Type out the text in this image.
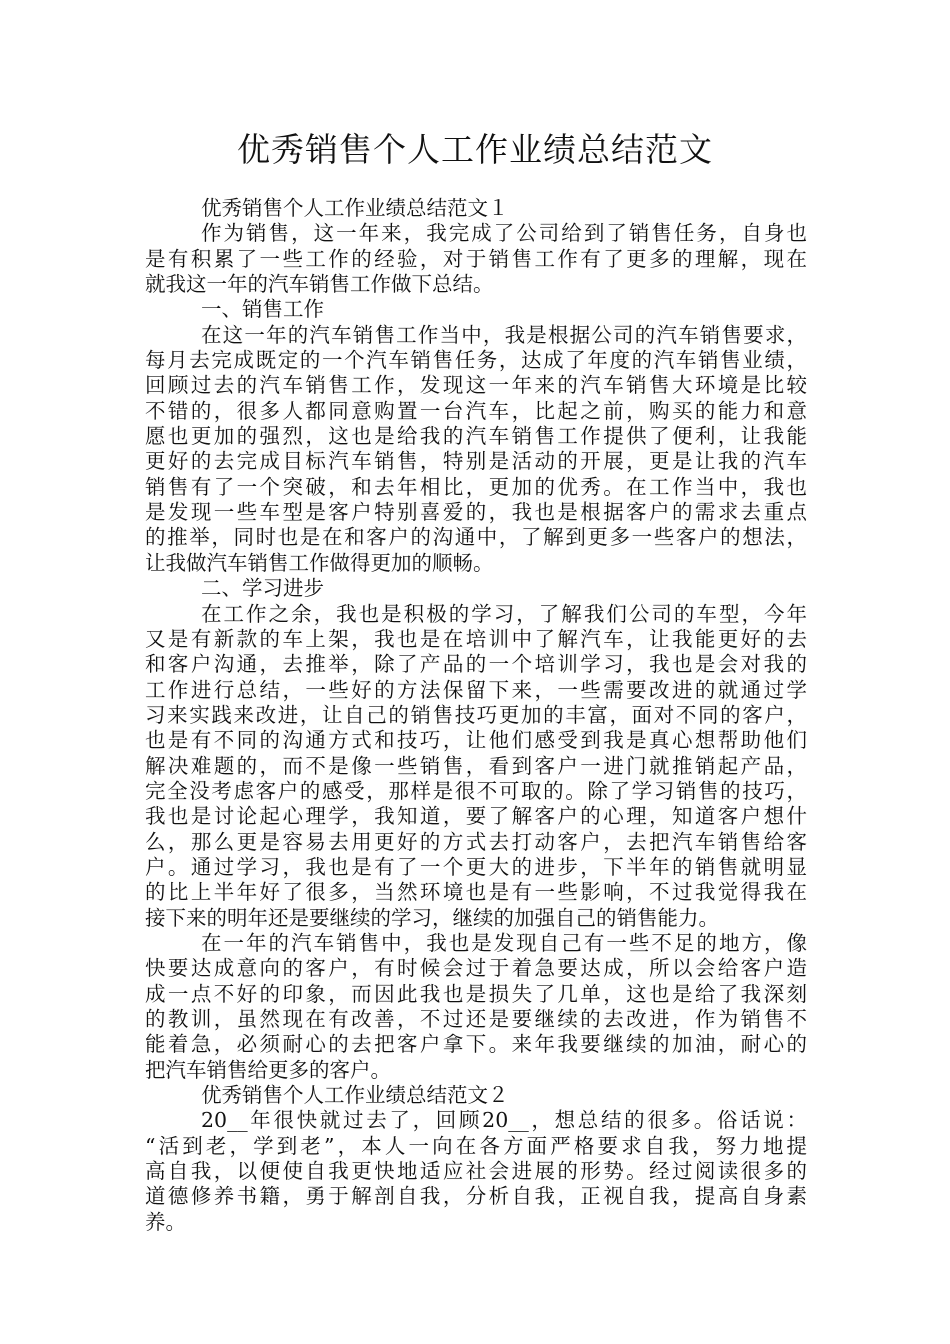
优秀销售个人工作业绩总结范文
优秀销售个人工作业绩总结范文１
作为销售，这一年来，我完成了公司给到了销售任务，自身也
是有积累了一些工作的经验，对于销售工作有了更多的理解，现在
就我这一年的汽车销售工作做下总结。
一、销售工作
在这一年的汽车销售工作当中，我是根据公司的汽车销售要求，
每月去完成既定的一个汽车销售任务，达成了年度的汽车销售业绩，
回顾过去的汽车销售工作，发现这一年来的汽车销售大环境是比较
不错的，很多人都同意购置一台汽车，比起之前，购买的能力和意
愿也更加的强烈，这也是给我的汽车销售工作提供了便利，让我能
更好的去完成目标汽车销售，特别是活动的开展，更是让我的汽车
销售有了一个突破，和去年相比，更加的优秀。在工作当中，我也
是发现一些车型是客户特别喜爱的，我也是根据客户的需求去重点
的推举，同时也是在和客户的沟通中，了解到更多一些客户的想法，
让我做汽车销售工作做得更加的顺畅。
二、学习进步
在工作之余，我也是积极的学习，了解我们公司的车型，今年
又是有新款的车上架，我也是在培训中了解汽车，让我能更好的去
和客户沟通，去推举，除了产品的一个培训学习，我也是会对我的
工作进行总结，一些好的方法保留下来，一些需要改进的就通过学
习来实践来改进，让自己的销售技巧更加的丰富，面对不同的客户，
也是有不同的沟通方式和技巧，让他们感受到我是真心想帮助他们
解决难题的，而不是像一些销售，看到客户一进门就推销起产品，
完全没考虑客户的感受，那样是很不可取的。除了学习销售的技巧，
我也是讨论起心理学，我知道，要了解客户的心理，知道客户想什
么，那么更是容易去用更好的方式去打动客户，去把汽车销售给客
户。通过学习，我也是有了一个更大的进步，下半年的销售就明显
的比上半年好了很多，当然环境也是有一些影响，不过我觉得我在
接下来的明年还是要继续的学习，继续的加强自己的销售能力。
在一年的汽车销售中，我也是发现自己有一些不足的地方，像
快要达成意向的客户，有时候会过于着急要达成，所以会给客户造
成一点不好的印象，而因此我也是损失了几单，这也是给了我深刻
的教训，虽然现在有改善，不过还是要继续的去改进，作为销售不
能着急，必须耐心的去把客户拿下。来年我要继续的加油，耐心的
把汽车销售给更多的客户。
优秀销售个人工作业绩总结范文２
20__年很快就过去了，回顾20__，想总结的很多。俗话说：
“活到老，学到老”，本人一向在各方面严格要求自我，努力地提
高自我，以便使自我更快地适应社会进展的形势。经过阅读很多的
道德修养书籍，勇于解剖自我，分析自我，正视自我，提高自身素
养。
